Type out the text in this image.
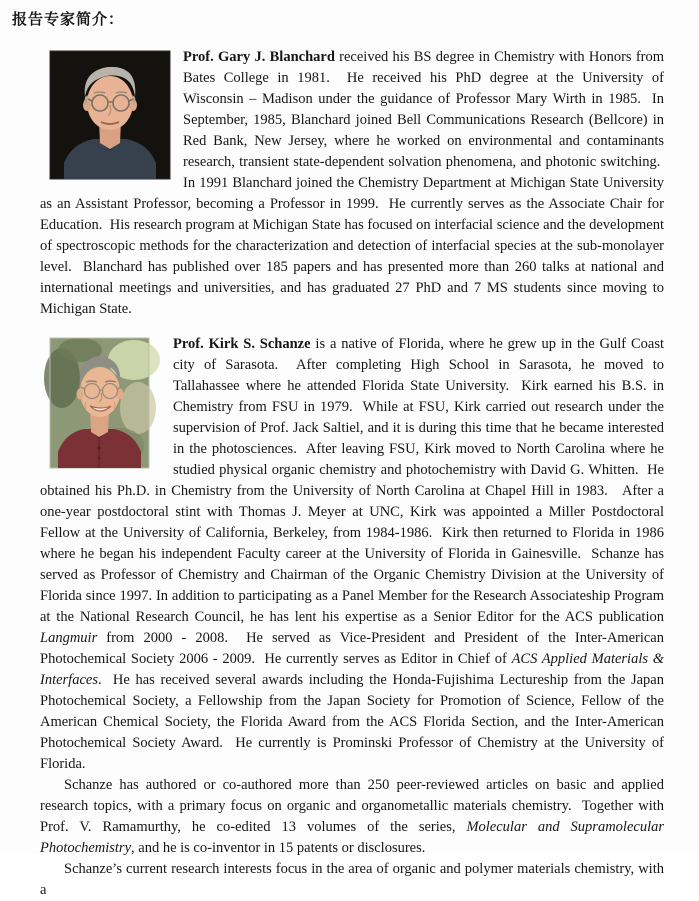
报告专家简介：

Prof. Gary J. Blanchard received his BS degree in Chemistry with Honors from Bates College in 1981.  He received his PhD degree at the University of Wisconsin – Madison under the guidance of Professor Mary Wirth in 1985.  In September, 1985, Blanchard joined Bell Communications Research (Bellcore) in Red Bank, New Jersey, where he worked on environmental and contaminants research, transient state-dependent solvation phenomena, and photonic switching.  In 1991 Blanchard joined the Chemistry Department at Michigan State University as an Assistant Professor, becoming a Professor in 1999.  He currently serves as the Associate Chair for Education.  His research program at Michigan State has focused on interfacial science and the development of spectroscopic methods for the characterization and detection of interfacial species at the sub-monolayer level.  Blanchard has published over 185 papers and has presented more than 260 talks at national and international meetings and universities, and has graduated 27 PhD and 7 MS students since moving to Michigan State.

Prof. Kirk S. Schanze is a native of Florida, where he grew up in the Gulf Coast city of Sarasota.  After completing High School in Sarasota, he moved to Tallahassee where he attended Florida State University.  Kirk earned his B.S. in Chemistry from FSU in 1979.  While at FSU, Kirk carried out research under the supervision of Prof. Jack Saltiel, and it is during this time that he became interested in the photosciences.  After leaving FSU, Kirk moved to North Carolina where he studied physical organic chemistry and photochemistry with David G. Whitten.  He obtained his Ph.D. in Chemistry from the University of North Carolina at Chapel Hill in 1983.   After a one-year postdoctoral stint with Thomas J. Meyer at UNC, Kirk was appointed a Miller Postdoctoral Fellow at the University of California, Berkeley, from 1984-1986.  Kirk then returned to Florida in 1986 where he began his independent Faculty career at the University of Florida in Gainesville.  Schanze has served as Professor of Chemistry and Chairman of the Organic Chemistry Division at the University of Florida since 1997. In addition to participating as a Panel Member for the Research Associateship Program at the National Research Council, he has lent his expertise as a Senior Editor for the ACS publication Langmuir from 2000 - 2008.  He served as Vice-President and President of the Inter-American Photochemical Society 2006 - 2009.  He currently serves as Editor in Chief of ACS Applied Materials & Interfaces.  He has received several awards including the Honda-Fujishima Lectureship from the Japan Photochemical Society, a Fellowship from the Japan Society for Promotion of Science, Fellow of the American Chemical Society, the Florida Award from the ACS Florida Section, and the Inter-American Photochemical Society Award.  He currently is Prominski Professor of Chemistry at the University of Florida.

Schanze has authored or co-authored more than 250 peer-reviewed articles on basic and applied research topics, with a primary focus on organic and organometallic materials chemistry.  Together with Prof. V. Ramamurthy, he co-edited 13 volumes of the series, Molecular and Supramolecular Photochemistry, and he is co-inventor in 15 patents or disclosures.

Schanze’s current research interests focus in the area of organic and polymer materials chemistry, with a
